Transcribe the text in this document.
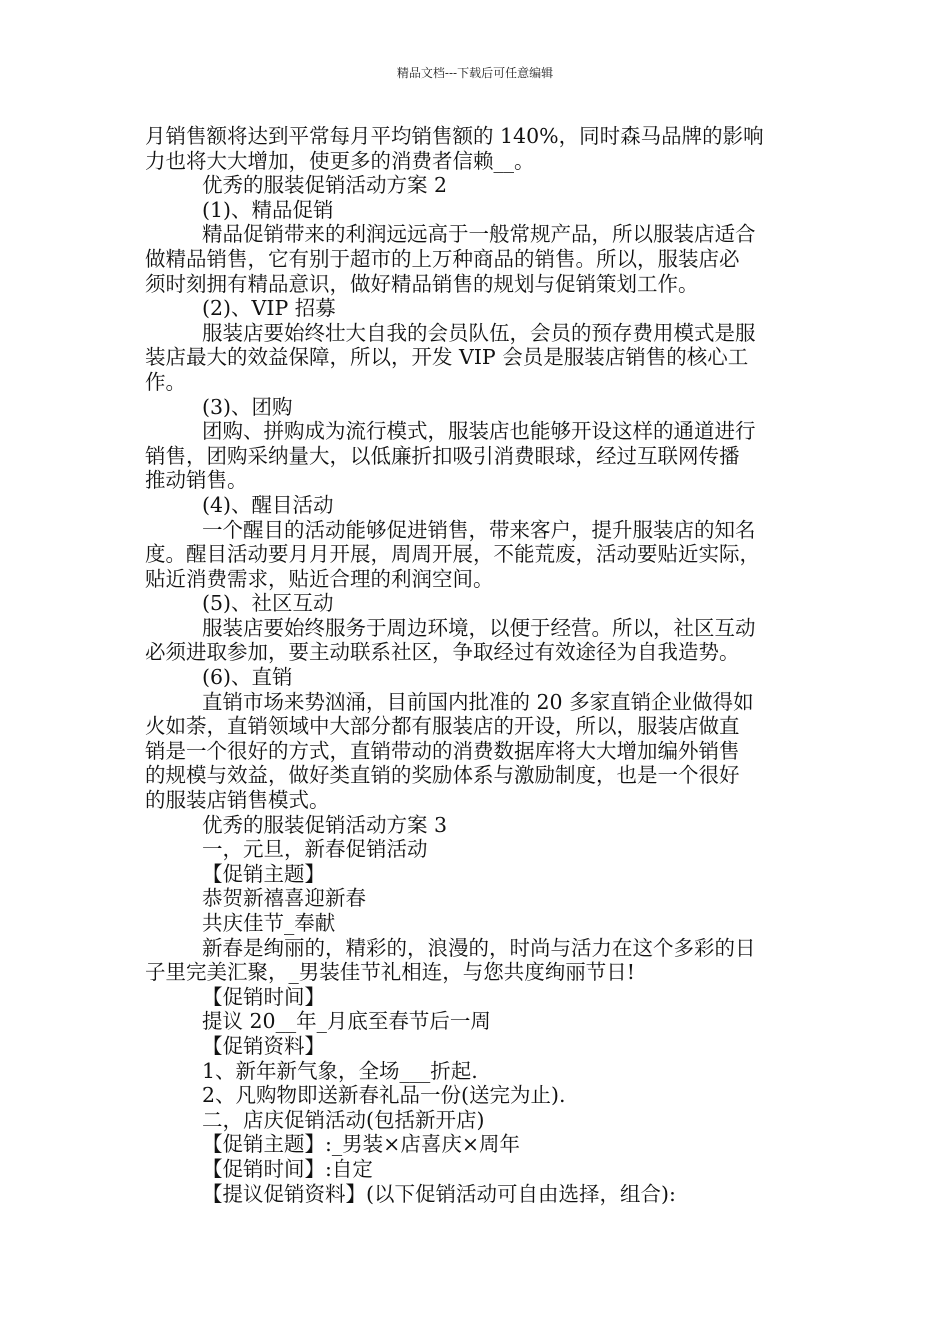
精品文档---下载后可任意编辑
月销售额将达到平常每月平均销售额的 140%，同时森马品牌的影响
力也将大大增加，使更多的消费者信赖__。
优秀的服装促销活动方案 2
(1)、精品促销
精品促销带来的利润远远高于一般常规产品，所以服装店适合
做精品销售，它有别于超市的上万种商品的销售。所以，服装店必
须时刻拥有精品意识，做好精品销售的规划与促销策划工作。
(2)、VIP 招募
服装店要始终壮大自我的会员队伍，会员的预存费用模式是服
装店最大的效益保障，所以，开发 VIP 会员是服装店销售的核心工
作。
(3)、团购
团购、拼购成为流行模式，服装店也能够开设这样的通道进行
销售，团购采纳量大，以低廉折扣吸引消费眼球，经过互联网传播
推动销售。
(4)、醒目活动
一个醒目的活动能够促进销售，带来客户，提升服装店的知名
度。醒目活动要月月开展，周周开展，不能荒废，活动要贴近实际，
贴近消费需求，贴近合理的利润空间。
(5)、社区互动
服装店要始终服务于周边环境，以便于经营。所以，社区互动
必须进取参加，要主动联系社区，争取经过有效途径为自我造势。
(6)、直销
直销市场来势汹涌，目前国内批准的 20 多家直销企业做得如
火如荼，直销领域中大部分都有服装店的开设，所以，服装店做直
销是一个很好的方式，直销带动的消费数据库将大大增加编外销售
的规模与效益，做好类直销的奖励体系与激励制度，也是一个很好
的服装店销售模式。
优秀的服装促销活动方案 3
一，元旦，新春促销活动
【促销主题】
恭贺新禧喜迎新春
共庆佳节_奉献
新春是绚丽的，精彩的，浪漫的，时尚与活力在这个多彩的日
子里完美汇聚，_男装佳节礼相连，与您共度绚丽节日!
【促销时间】
提议 20__年_月底至春节后一周
【促销资料】
1、新年新气象，全场___折起.
2、凡购物即送新春礼品一份(送完为止).
二，店庆促销活动(包括新开店)
【促销主题】:_男装×店喜庆×周年
【促销时间】:自定
【提议促销资料】(以下促销活动可自由选择，组合):
